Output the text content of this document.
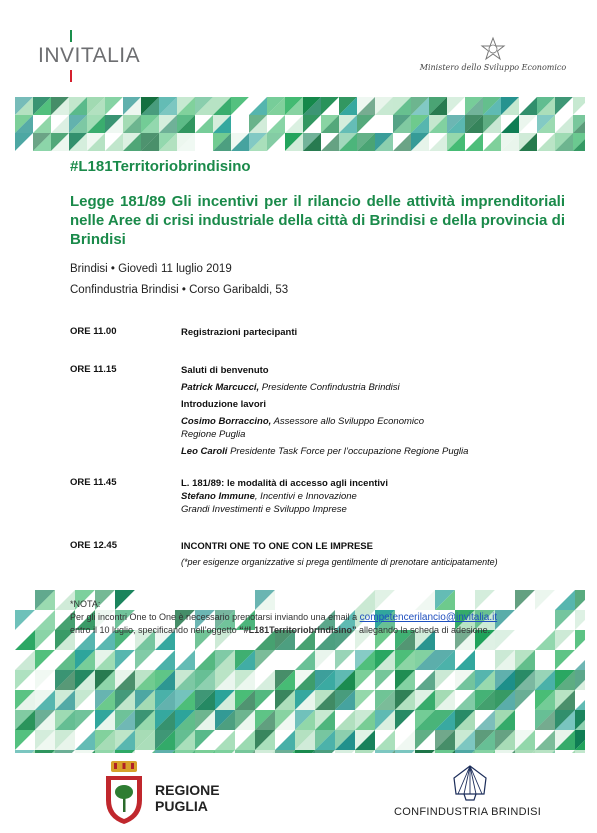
INVITALIA
Ministero dello Sviluppo Economico
#L181Territoriobrindisino
Legge 181/89 Gli incentivi per il rilancio delle attività imprenditoriali nelle Aree di crisi industriale della città di Brindisi e della provincia di Brindisi

Brindisi • Giovedì 11 luglio 2019

Confindustria Brindisi • Corso Garibaldi, 53

ORE 11.00	Registrazioni partecipanti
ORE 11.15	Saluti di benvenuto
Patrick Marcucci, Presidente Confindustria Brindisi
Introduzione lavori
Cosimo Borraccino, Assessore allo Sviluppo Economico
Regione Puglia
Leo Caroli Presidente Task Force per l’occupazione Regione Puglia
ORE 11.45	L. 181/89: le modalità di accesso agli incentivi
Stefano Immune, Incentivi e Innovazione
Grandi Investimenti e Sviluppo Imprese
ORE 12.45	INCONTRI ONE TO ONE CON LE IMPRESE
(*per esigenze organizzative si prega gentilmente di prenotare anticipatamente)
*NOTA:
Per gli incontri One to One è necessario prenotarsi inviando una email a competencerilancio@invitalia.it
entro il 10 luglio, specificando nell’oggetto “#L181Territoriobrindisino” allegando la scheda di adesione.
REGIONE
PUGLIA	CONFINDUSTRIA BRINDISI
